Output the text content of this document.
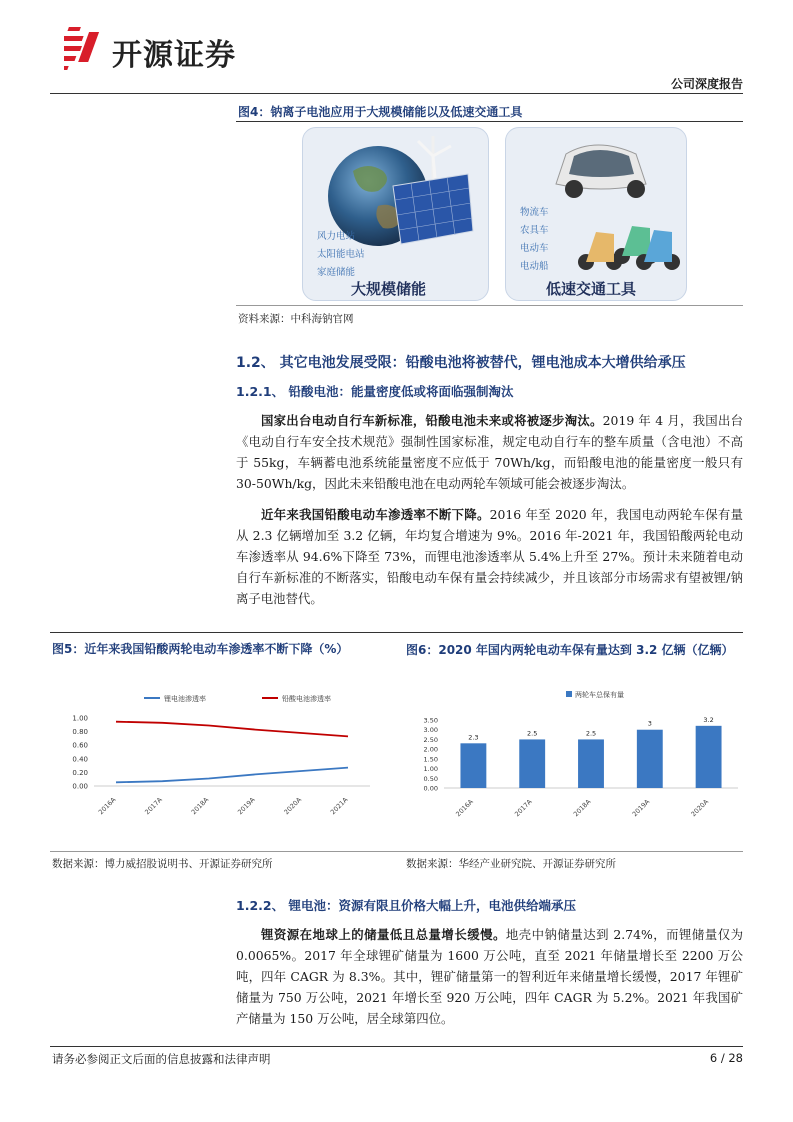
开源证券
公司深度报告
图4：钠离子电池应用于大规模储能以及低速交通工具
风力电站
太阳能电站
家庭储能
大规模储能
物流车
农具车
电动车
电动船
低速交通工具
资料来源：中科海钠官网
1.2、 其它电池发展受限：铅酸电池将被替代，锂电池成本大增供给承压
1.2.1、 铅酸电池：能量密度低或将面临强制淘汰

国家出台电动自行车新标准，铅酸电池未来或将被逐步淘汰。2019 年 4 月，我国出台《电动自行车安全技术规范》强制性国家标准，规定电动自行车的整车质量（含电池）不高于 55kg，车辆蓄电池系统能量密度不应低于 70Wh/kg，而铅酸电池的能量密度一般只有 30-50Wh/kg，因此未来铅酸电池在电动两轮车领域可能会被逐步淘汰。

近年来我国铅酸电动车渗透率不断下降。2016 年至 2020 年，我国电动两轮车保有量从 2.3 亿辆增加至 3.2 亿辆，年均复合增速为 9%。2016 年-2021 年，我国铅酸两轮电动车渗透率从 94.6%下降至 73%，而锂电池渗透率从 5.4%上升至 27%。预计未来随着电动自行车新标准的不断落实，铅酸电动车保有量会持续减少，并且该部分市场需求有望被锂/钠离子电池替代。

图5：近年来我国铅酸两轮电动车渗透率不断下降（%）	图6：2020 年国内两轮电动车保有量达到 3.2 亿辆（亿辆）
锂电池渗透率	铅酸电池渗透率
0.00
0.20
0.40
0.60
0.80
1.00
2016A	2017A	2018A	2019A	2020A	2021A
两轮车总保有量
0.00
0.50
1.00
1.50
2.00
2.50
3.00
3.50
2.3
2016A
2.5
2017A
2.5
2018A
3
2019A
3.2
2020A
数据来源：博力威招股说明书、开源证券研究所	数据来源：华经产业研究院、开源证券研究所
1.2.2、 锂电池：资源有限且价格大幅上升，电池供给端承压

锂资源在地球上的储量低且总量增长缓慢。地壳中钠储量达到 2.74%，而锂储量仅为 0.0065%。2017 年全球锂矿储量为 1600 万公吨，直至 2021 年储量增长至 2200 万公吨，四年 CAGR 为 8.3%。其中，锂矿储量第一的智利近年来储量增长缓慢，2017 年锂矿储量为 750 万公吨，2021 年增长至 920 万公吨，四年 CAGR 为 5.2%。2021 年我国矿产储量为 150 万公吨，居全球第四位。

请务必参阅正文后面的信息披露和法律声明	6 / 28
